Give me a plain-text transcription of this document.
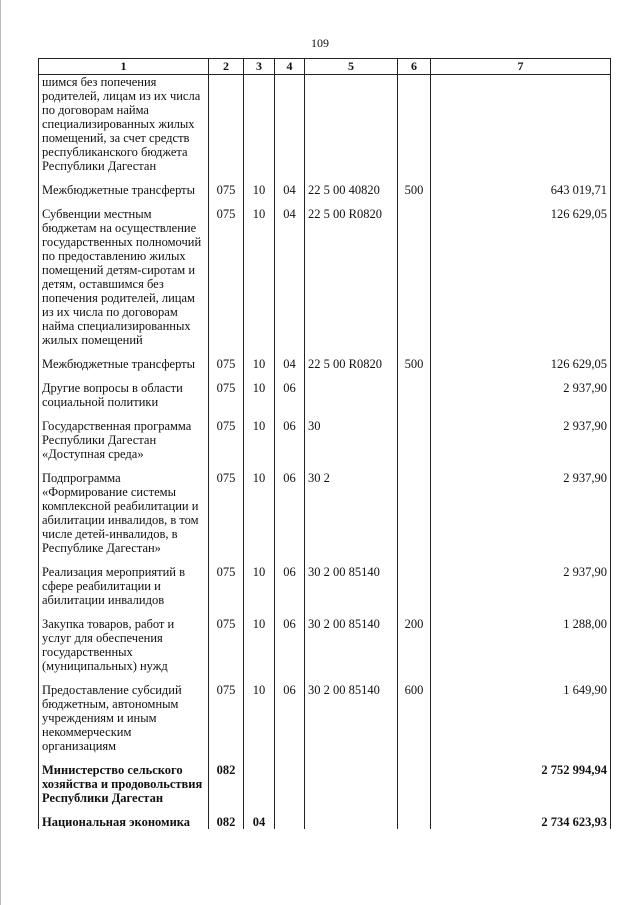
109
1	2	3	4	5	6	7
шимся без попечения родителей, лицам из их числа по договорам найма специализированных жилых помещений, за счет средств республиканского бюджета Республики Дагестан						
Межбюджетные трансферты	075	10	04	22 5 00 40820	500	643 019,71
Субвенции местным бюджетам на осуществление государственных полномочий по предоставлению жилых помещений детям-сиротам и детям, оставшимся без попечения родителей, лицам из их числа по договорам найма специализированных жилых помещений	075	10	04	22 5 00 R0820		126 629,05
Межбюджетные трансферты	075	10	04	22 5 00 R0820	500	126 629,05
Другие вопросы в области социальной политики	075	10	06			2 937,90
Государственная программа Республики Дагестан «Доступная среда»	075	10	06	30		2 937,90
Подпрограмма «Формирование системы комплексной реабилитации и абилитации инвалидов, в том числе детей-инвалидов, в Республике Дагестан»	075	10	06	30 2		2 937,90
Реализация мероприятий в сфере реабилитации и абилитации инвалидов	075	10	06	30 2 00 85140		2 937,90
Закупка товаров, работ и услуг для обеспечения государственных (муниципальных) нужд	075	10	06	30 2 00 85140	200	1 288,00
Предоставление субсидий бюджетным, автономным учреждениям и иным некоммерческим организациям	075	10	06	30 2 00 85140	600	1 649,90
Министерство сельского хозяйства и продовольствия Республики Дагестан	082					2 752 994,94
Национальная экономика	082	04				2 734 623,93
